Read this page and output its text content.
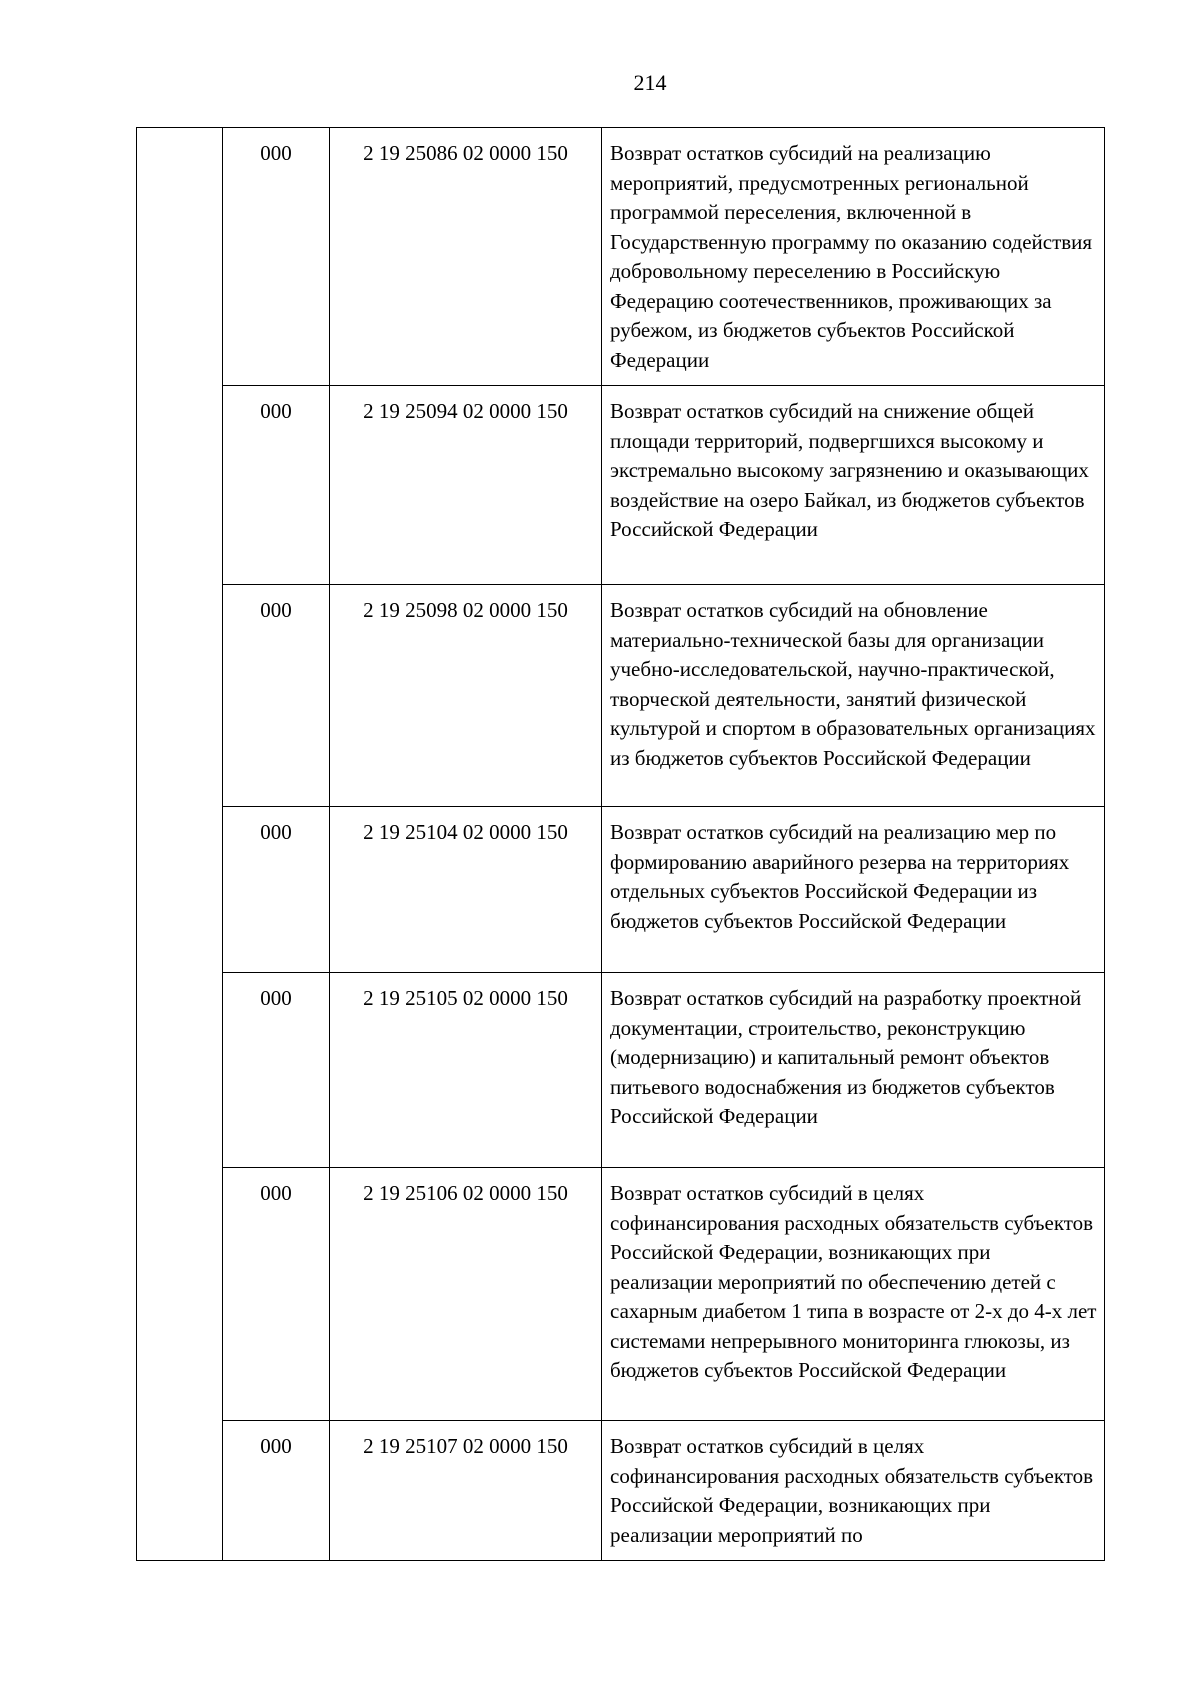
214
	000	2 19 25086 02 0000 150	Возврат остатков субсидий на реализацию мероприятий, предусмотренных региональной программой переселения, включенной в Государственную программу по оказанию содействия добровольному переселению в Российскую Федерацию соотечественников, проживающих за рубежом, из бюджетов субъектов Российской Федерации
	000	2 19 25094 02 0000 150	Возврат остатков субсидий на снижение общей площади территорий, подвергшихся высокому и экстремально высокому загрязнению и оказывающих воздействие на озеро Байкал, из бюджетов субъектов Российской Федерации
	000	2 19 25098 02 0000 150	Возврат остатков субсидий на обновление материально-технической базы для организации учебно-исследовательской, научно-практической, творческой деятельности, занятий физической культурой и спортом в образовательных организациях из бюджетов субъектов Российской Федерации
	000	2 19 25104 02 0000 150	Возврат остатков субсидий на реализацию мер по формированию аварийного резерва на территориях отдельных субъектов Российской Федерации из бюджетов субъектов Российской Федерации
	000	2 19 25105 02 0000 150	Возврат остатков субсидий на разработку проектной документации, строительство, реконструкцию (модернизацию) и капитальный ремонт объектов питьевого водоснабжения из бюджетов субъектов Российской Федерации
	000	2 19 25106 02 0000 150	Возврат остатков субсидий в целях софинансирования расходных обязательств субъектов Российской Федерации, возникающих при реализации мероприятий по обеспечению детей с сахарным диабетом 1 типа в возрасте от 2-х до 4-х лет системами непрерывного мониторинга глюкозы, из бюджетов субъектов Российской Федерации
	000	2 19 25107 02 0000 150	Возврат остатков субсидий в целях софинансирования расходных обязательств субъектов Российской Федерации, возникающих при реализации мероприятий по
